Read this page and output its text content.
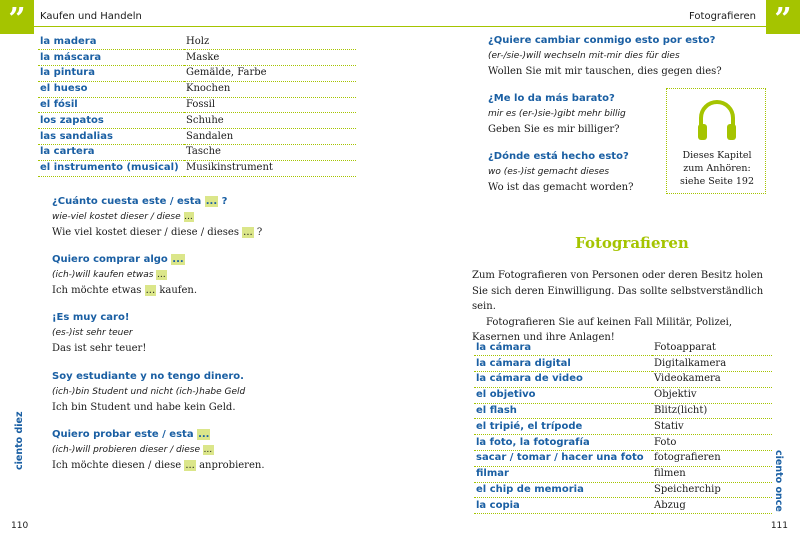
”	Kaufen und Handeln
la madera	Holz
la máscara	Maske
la pintura	Gemälde, Farbe
el hueso	Knochen
el fósil	Fossil
los zapatos	Schuhe
las sandalias	Sandalen
la cartera	Tasche
el instrumento (musical)	Musikinstrument
¿Cuánto cuesta este / esta ... ?
wie-viel kostet dieser / diese ...
Wie viel kostet dieser / diese / dieses ... ?
Quiero comprar algo ...
(ich-)will kaufen etwas ...
Ich möchte etwas ... kaufen.
¡Es muy caro!
(es-)ist sehr teuer
Das ist sehr teuer!
Soy estudiante y no tengo dinero.
(ich-)bin Student und nicht (ich-)habe Geld
Ich bin Student und habe kein Geld.
Quiero probar este / esta ...
(ich-)will probieren dieser / diese ...
Ich möchte diesen / diese ... anprobieren.
ciento diez
110
”
Fotografieren
ciento once
111
¿Quiere cambiar conmigo esto por esto?
(er-/sie-)will wechseln mit-mir dies für dies
Wollen Sie mit mir tauschen, dies gegen dies?
¿Me lo da más barato?
mir es (er-)sie-)gibt mehr billig
Geben Sie es mir billiger?
¿Dónde está hecho esto?
wo (es-)ist gemacht dieses
Wo ist das gemacht worden?
Dieses Kapitel
zum Anhören:
siehe Seite 192
Fotografieren

Zum Fotografieren von Personen oder deren Besitz holen Sie sich deren Einwilligung. Das sollte selbstverständlich sein.

Fotografieren Sie auf keinen Fall Militär, Polizei, Kasernen und ihre Anlagen!

la cámara	Fotoapparat
la cámara digital	Digitalkamera
la cámara de video	Videokamera
el objetivo	Objektiv
el flash	Blitz(licht)
el tripié, el trípode	Stativ
la foto, la fotografía	Foto
sacar / tomar / hacer una foto	fotografieren
filmar	filmen
el chip de memoria	Speicherchip
la copia	Abzug
